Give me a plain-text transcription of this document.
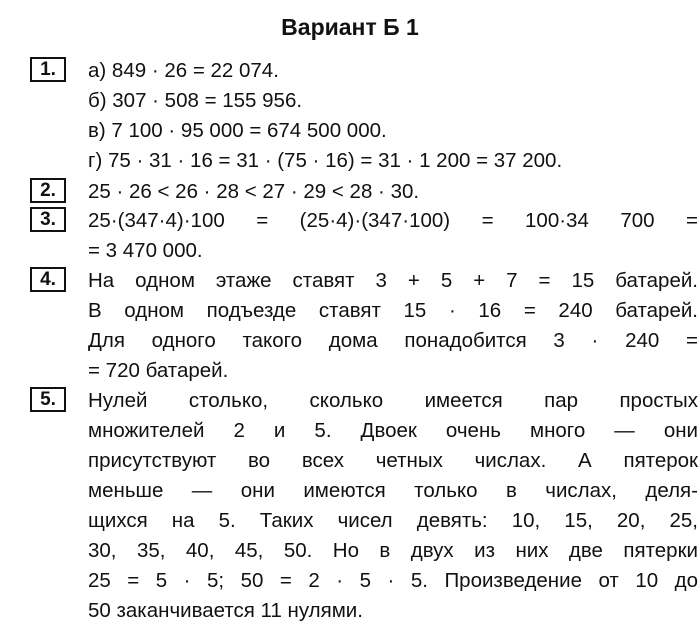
Вариант Б 1
1.	а) 849 · 26 = 22 074.
б) 307 · 508 = 155 956.
в) 7 100 · 95 000 = 674 500 000.
г) 75 · 31 · 16 = 31 · (75 · 16) = 31 · 1 200 = 37 200.
2.	25 · 26 < 26 · 28 < 27 · 29 < 28 · 30.
3.	25·(347·4)·100 = (25·4)·(347·100) = 100·34 700 =
= 3 470 000.
4.	На одном этаже ставят 3 + 5 + 7 = 15 батарей.
В одном подъезде ставят 15 · 16 = 240 батарей.
Для одного такого дома понадобится 3 · 240 =
= 720 батарей.
5.	Нулей столько, сколько имеется пар простых
множителей 2 и 5. Двоек очень много — они
присутствуют во всех четных числах. А пятерок
меньше — они имеются только в числах, деля-
щихся на 5. Таких чисел девять: 10, 15, 20, 25,
30, 35, 40, 45, 50. Но в двух из них две пятерки
25 = 5 · 5; 50 = 2 · 5 · 5. Произведение от 10 до
50 заканчивается 11 нулями.
